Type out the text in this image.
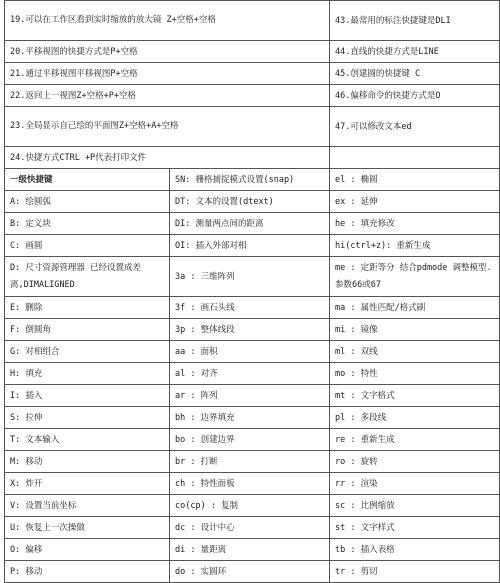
19.可以在工作区看到实时缩放的放大镜 Z+空格+空格		43.最常用的标注快捷键是DLI
20.平移视图的快捷方式是P+空格		44.直线的快捷方式是LINE
21.通过平移视图平移视图P+空格		45.创建圆的快捷键 C
22.返回上一视图Z+空格+P+空格		46.偏移命令的快捷方式是O
23.全局显示自己绘的平面图Z+空格+A+空格		47.可以修改文本ed
24.快捷方式CTRL +P代表打印文件		
一级快捷键	SN: 栅格捕捉模式设置(snap)	el : 椭圆
A: 绘圆弧	DT: 文本的设置(dtext)	ex : 延伸
B: 定义块	DI: 测量两点间的距离	he : 填充修改
C: 画圆	OI: 插入外部对相	hi(ctrl+z): 重新生成
D: 尺寸资源管理器 已经设置成差离,DIMALIGNED	3a : 三维阵列	me : 定距等分 结合pdmode 调整模型.参数66或67
E: 删除	3f : 画石头线	ma : 属性匹配/格式刷
F: 倒圆角	3p : 整体线段	mi : 镜像
G: 对相组合	aa : 面积	ml : 双线
H: 填充	al : 对齐	mo : 特性
I: 插入	ar : 阵列	mt : 文字格式
S: 拉伸	bh : 边界填充	pl : 多段线
T: 文本输入	bo : 创建边界	re : 重新生成
M: 移动	br : 打断	ro : 旋转
X: 炸开	ch : 特性面板	rr : 渲染
V: 设置当前坐标	co(cp) : 复制	sc : 比例缩放
U: 恢复上一次操做	dc : 设计中心	st : 文字样式
O: 偏移	di : 量距离	tb : 插入表格
P: 移动	do : 实圆环	tr : 剪切
